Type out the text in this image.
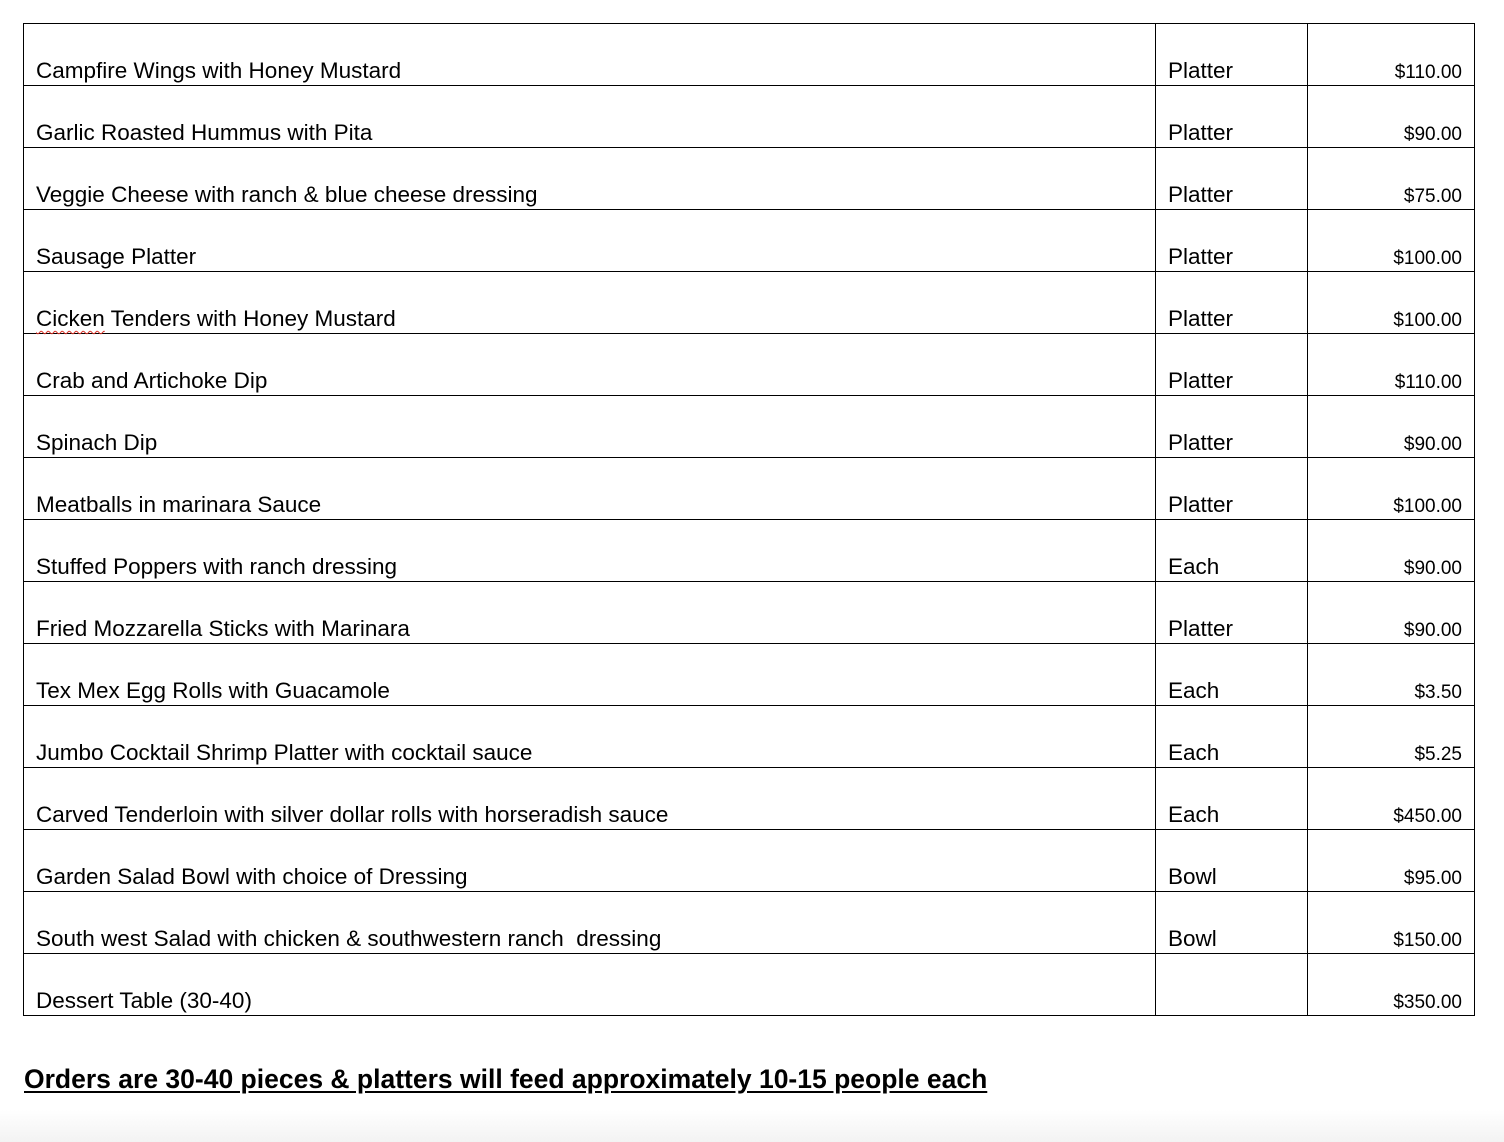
Campfire Wings with Honey Mustard	Platter	$110.00
Garlic Roasted Hummus with Pita	Platter	$90.00
Veggie Cheese with ranch & blue cheese dressing	Platter	$75.00
Sausage Platter	Platter	$100.00
Cicken Tenders with Honey Mustard	Platter	$100.00
Crab and Artichoke Dip	Platter	$110.00
Spinach Dip	Platter	$90.00
Meatballs in marinara Sauce	Platter	$100.00
Stuffed Poppers with ranch dressing	Each	$90.00
Fried Mozzarella Sticks with Marinara	Platter	$90.00
Tex Mex Egg Rolls with Guacamole	Each	$3.50
Jumbo Cocktail Shrimp Platter with cocktail sauce	Each	$5.25
Carved Tenderloin with silver dollar rolls with horseradish sauce	Each	$450.00
Garden Salad Bowl with choice of Dressing	Bowl	$95.00
South west Salad with chicken & southwestern ranch  dressing	Bowl	$150.00
Dessert Table (30-40)		$350.00
Orders are 30-40 pieces & platters will feed approximately 10-15 people each
